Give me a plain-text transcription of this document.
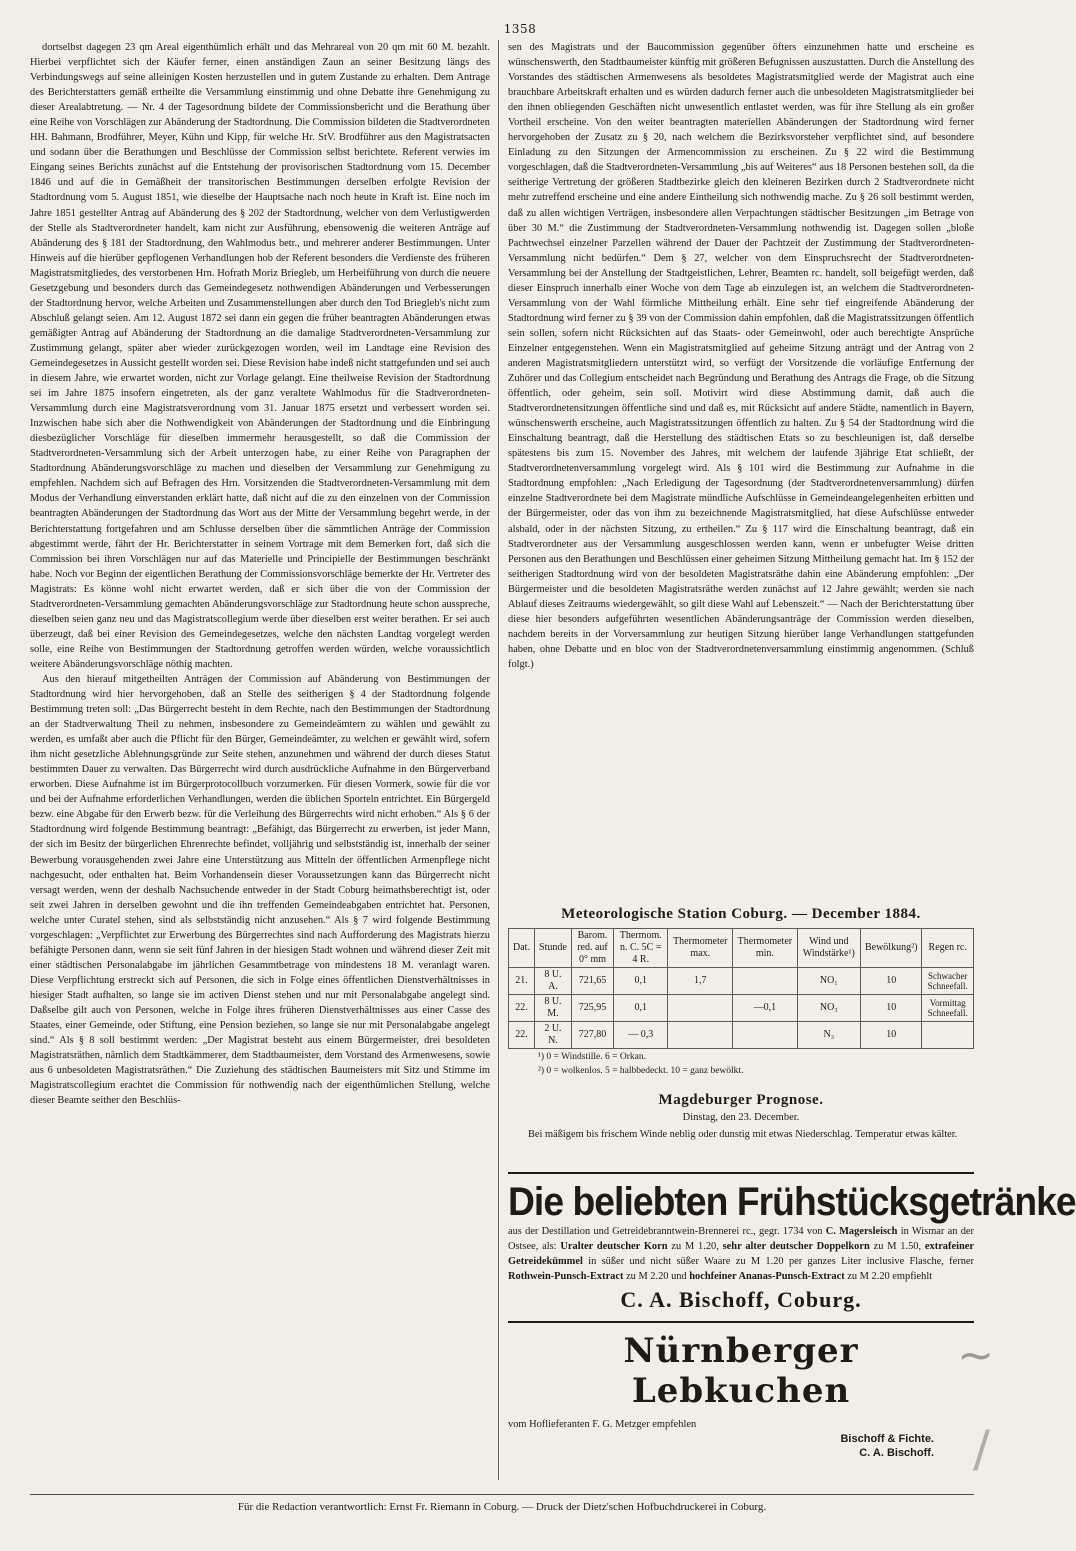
1358

dortselbst dagegen 23 qm Areal eigenthümlich erhält und das Mehrareal von 20 qm mit 60 M. bezahlt. Hierbei verpflichtet sich der Käufer ferner, einen anständigen Zaun an seiner Besitzung längs des Verbindungswegs auf seine alleinigen Kosten herzustellen und in gutem Zustande zu erhalten. Dem Antrage des Berichterstatters gemäß ertheilte die Versammlung einstimmig und ohne Debatte ihre Genehmigung zu dieser Arealabtretung. — Nr. 4 der Tagesordnung bildete der Commissionsbericht und die Berathung über eine Reihe von Vorschlägen zur Abänderung der Stadtordnung. Die Commission bildeten die Stadtverordneten HH. Bahmann, Brodführer, Meyer, Kühn und Kipp, für welche Hr. StV. Brodführer aus den Magistratsacten und sodann über die Berathungen und Beschlüsse der Commission selbst berichtete. Referent verwies im Eingang seines Berichts zunächst auf die Entstehung der provisorischen Stadtordnung vom 15. December 1846 und auf die in Gemäßheit der transitorischen Bestimmungen derselben erfolgte Revision der Stadtordnung vom 5. August 1851, wie dieselbe der Hauptsache nach noch heute in Kraft ist. Eine noch im Jahre 1851 gestellter Antrag auf Abänderung des § 202 der Stadtordnung, welcher von dem Verlustigwerden der Stelle als Stadtverordneter handelt, kam nicht zur Ausführung, ebensowenig die weiteren Anträge auf Abänderung des § 181 der Stadtordnung, den Wahlmodus betr., und mehrerer anderer Bestimmungen. Unter Hinweis auf die hierüber gepflogenen Verhandlungen hob der Referent besonders die Verdienste des früheren Magistratsmitgliedes, des verstorbenen Hrn. Hofrath Moriz Briegleb, um Herbeiführung von durch die neuere Gesetzgebung und besonders durch das Gemeindegesetz nothwendigen Abänderungen und Verbesserungen der Stadtordnung hervor, welche Arbeiten und Zusammenstellungen aber durch den Tod Briegleb's nicht zum Abschluß gelangt seien. Am 12. August 1872 sei dann ein gegen die früher beantragten Abänderungen etwas gemäßigter Antrag auf Abänderung der Stadtordnung an die damalige Stadtverordneten-Versammlung zur Zustimmung gelangt, später aber wieder zurückgezogen worden, weil im Landtage eine Revision des Gemeindegesetzes in Aussicht gestellt worden sei. Diese Revision habe indeß nicht stattgefunden und sei auch in diesem Jahre, wie erwartet worden, nicht zur Vorlage gelangt. Eine theilweise Revision der Stadtordnung sei im Jahre 1875 insofern eingetreten, als der ganz veraltete Wahlmodus für die Stadtverordneten-Versammlung durch eine Magistratsverordnung vom 31. Januar 1875 ersetzt und verbessert worden sei. Inzwischen habe sich aber die Nothwendigkeit von Abänderungen der Stadtordnung und die Einbringung diesbezüglicher Vorschläge für dieselben immermehr herausgestellt, so daß die Commission der Stadtverordneten-Versammlung sich der Arbeit unterzogen habe, zu einer Reihe von Paragraphen der Stadtordnung Abänderungsvorschläge zu machen und dieselben der Versammlung zur Genehmigung zu empfehlen. Nachdem sich auf Befragen des Hrn. Vorsitzenden die Stadtverordneten-Versammlung mit dem Modus der Verhandlung einverstanden erklärt hatte, daß nicht auf die zu den einzelnen von der Commission beantragten Abänderungen der Stadtordnung das Wort aus der Mitte der Versammlung begehrt werde, in der Berichterstattung fortgefahren und am Schlusse derselben über die sämmtlichen Anträge der Commission abgestimmt werde, fährt der Hr. Berichterstatter in seinem Vortrage mit dem Bemerken fort, daß sich die Commission bei ihren Vorschlägen nur auf das Materielle und Principielle der Bestimmungen beschränkt habe. Noch vor Beginn der eigentlichen Berathung der Commissionsvorschläge bemerkte der Hr. Vertreter des Magistrats: Es könne wohl nicht erwartet werden, daß er sich über die von der Commission der Stadtverordneten-Versammlung gemachten Abänderungsvorschläge zur Stadtordnung heute schon ausspreche, dieselben seien ganz neu und das Magistratscollegium werde über dieselben erst weiter berathen. Er sei auch überzeugt, daß bei einer Revision des Gemeindegesetzes, welche den nächsten Landtag vorgelegt werden solle, eine Reihe von Bestimmungen der Stadtordnung getroffen werden würden, welche voraussichtlich weitere Abänderungsvorschläge nöthig machten.

Aus den hierauf mitgetheilten Anträgen der Commission auf Abänderung von Bestimmungen der Stadtordnung wird hier hervorgehoben, daß an Stelle des seitherigen § 4 der Stadtordnung folgende Bestimmung treten soll: „Das Bürgerrecht besteht in dem Rechte, nach den Bestimmungen der Stadtordnung an der Stadtverwaltung Theil zu nehmen, insbesondere zu Gemeindeämtern zu wählen und gewählt zu werden, es umfaßt aber auch die Pflicht für den Bürger, Gemeindeämter, zu welchen er gewählt wird, sofern ihm nicht gesetzliche Ablehnungsgründe zur Seite stehen, anzunehmen und während der durch dieses Statut bestimmten Dauer zu verwalten. Das Bürgerrecht wird durch ausdrückliche Aufnahme in den Bürgerverband erworben. Diese Aufnahme ist im Bürgerprotocollbuch vorzumerken. Für diesen Vormerk, sowie für die vor und bei der Aufnahme erforderlichen Verhandlungen, werden die üblichen Sporteln entrichtet. Ein Bürgergeld bezw. eine Abgabe für den Erwerb bezw. für die Verleihung des Bürgerrechts wird nicht erhoben.“ Als § 6 der Stadtordnung wird folgende Bestimmung beantragt: „Befähigt, das Bürgerrecht zu erwerben, ist jeder Mann, der sich im Besitz der bürgerlichen Ehrenrechte befindet, volljährig und selbstständig ist, innerhalb der seiner Bewerbung vorausgehenden zwei Jahre eine Unterstützung aus Mitteln der öffentlichen Armenpflege nicht nachgesucht, oder enthalten hat. Beim Vorhandensein dieser Voraussetzungen kann das Bürgerrecht nicht versagt werden, wenn der deshalb Nachsuchende entweder in der Stadt Coburg heimathsberechtigt ist, oder seit zwei Jahren in derselben gewohnt und die ihn treffenden Gemeindeabgaben entrichtet hat. Personen, welche unter Curatel stehen, sind als selbstständig nicht anzusehen.“ Als § 7 wird folgende Bestimmung vorgeschlagen: „Verpflichtet zur Erwerbung des Bürgerrechtes sind nach Aufforderung des Magistrats hierzu befähigte Personen dann, wenn sie seit fünf Jahren in der hiesigen Stadt wohnen und während dieser Zeit mit einer städtischen Personalabgabe im jährlichen Gesammtbetrage von mindestens 18 M. veranlagt waren. Diese Verpflichtung erstreckt sich auf Personen, die sich in Folge eines öffentlichen Dienstverhältnisses in hiesiger Stadt aufhalten, so lange sie im activen Dienst stehen und nur mit Personalabgabe angelegt sind. Daßselbe gilt auch von Personen, welche in Folge ihres früheren Dienstverhältnisses aus einer Casse des Staates, einer Gemeinde, oder Stiftung, eine Pension beziehen, so lange sie nur mit Personalabgabe angelegt sind.“ Als § 8 soll bestimmt werden: „Der Magistrat besteht aus einem Bürgermeister, drei besoldeten Magistratsräthen, nämlich dem Stadtkämmerer, dem Stadtbaumeister, dem Vorstand des Armenwesens, sowie aus 6 unbesoldeten Magistratsräthen.“ Die Zuziehung des städtischen Baumeisters mit Sitz und Stimme im Magistratscollegium erachtet die Commission für nothwendig nach der eigenthümlichen Stellung, welche dieser Beamte seither den Beschlüs-

sen des Magistrats und der Baucommission gegenüber öfters einzunehmen hatte und erscheine es wünschenswerth, den Stadtbaumeister künftig mit größeren Befugnissen auszustatten. Durch die Anstellung des Vorstandes des städtischen Armenwesens als besoldetes Magistratsmitglied werde der Magistrat auch eine brauchbare Arbeitskraft erhalten und es würden dadurch ferner auch die unbesoldeten Magistratsmitglieder bei den ihnen obliegenden Geschäften nicht unwesentlich entlastet werden, was für ihre Stellung als ein großer Vortheil erscheine. Von den weiter beantragten materiellen Abänderungen der Stadtordnung wird ferner hervorgehoben der Zusatz zu § 20, nach welchem die Bezirksvorsteher verpflichtet sind, auf besondere Einladung zu den Sitzungen der Armencommission zu erscheinen. Zu § 22 wird die Bestimmung vorgeschlagen, daß die Stadtverordneten-Versammlung „bis auf Weiteres“ aus 18 Personen bestehen soll, da die seitherige Vertretung der größeren Stadtbezirke gleich den kleineren Bezirken durch 2 Stadtverordnete nicht mehr zutreffend erscheine und eine andere Eintheilung sich nothwendig mache. Zu § 26 soll bestimmt werden, daß zu allen wichtigen Verträgen, insbesondere allen Verpachtungen städtischer Besitzungen „im Betrage von über 30 M.“ die Zustimmung der Stadtverordneten-Versammlung nothwendig ist. Dagegen sollen „bloße Pachtwechsel einzelner Parzellen während der Dauer der Pachtzeit der Zustimmung der Stadtverordneten-Versammlung nicht bedürfen.“ Dem § 27, welcher von dem Einspruchsrecht der Stadtverordneten-Versammlung bei der Anstellung der Stadtgeistlichen, Lehrer, Beamten rc. handelt, soll beigefügt werden, daß dieser Einspruch innerhalb einer Woche von dem Tage ab einzulegen ist, an welchem die Stadtverordneten-Versammlung von der Wahl förmliche Mittheilung erhält. Eine sehr tief eingreifende Abänderung der Stadtordnung wird ferner zu § 39 von der Commission dahin empfohlen, daß die Magistratssitzungen öffentlich sein sollen, sofern nicht Rücksichten auf das Staats- oder Gemeinwohl, oder auch berechtigte Ansprüche Einzelner entgegenstehen. Wenn ein Magistratsmitglied auf geheime Sitzung anträgt und der Antrag von 2 anderen Magistratsmitgliedern unterstützt wird, so verfügt der Vorsitzende die vorläufige Entfernung der Zuhörer und das Collegium entscheidet nach Begründung und Berathung des Antrags die Frage, ob die Sitzung öffentlich, oder geheim, sein soll. Motivirt wird diese Abstimmung damit, daß auch die Stadtverordnetensitzungen öffentliche sind und daß es, mit Rücksicht auf andere Städte, namentlich in Bayern, wünschenswerth erscheine, auch Magistratssitzungen öffentlich zu halten. Zu § 54 der Stadtordnung wird die Einschaltung beantragt, daß die Herstellung des städtischen Etats so zu beschleunigen ist, daß derselbe spätestens bis zum 15. November des Jahres, mit welchem der laufende 3jährige Etat schließt, der Stadtverordnetenversammlung vorgelegt wird. Als § 101 wird die Bestimmung zur Aufnahme in die Stadtordnung empfohlen: „Nach Erledigung der Tagesordnung (der Stadtverordnetenversammlung) dürfen einzelne Stadtverordnete bei dem Magistrate mündliche Aufschlüsse in Gemeindeangelegenheiten erbitten und der Bürgermeister, oder das von ihm zu bezeichnende Magistratsmitglied, hat diese Aufschlüsse entweder alsbald, oder in der nächsten Sitzung, zu ertheilen.“ Zu § 117 wird die Einschaltung beantragt, daß ein Stadtverordneter aus der Versammlung ausgeschlossen werden kann, wenn er unbefugter Weise dritten Personen aus den Berathungen und Beschlüssen einer geheimen Sitzung Mittheilung gemacht hat. Im § 152 der seitherigen Stadtordnung wird von der besoldeten Magistratsräthe dahin eine Abänderung empfohlen: „Der Bürgermeister und die besoldeten Magistratsräthe werden zunächst auf 12 Jahre gewählt; werden sie nach Ablauf dieses Zeitraums wiedergewählt, so gilt diese Wahl auf Lebenszeit.“ — Nach der Berichterstattung über diese hier besonders aufgeführten wesentlichen Abänderungsanträge der Commission werden dieselben, nachdem bereits in der Vorversammlung zur heutigen Sitzung hierüber lange Verhandlungen stattgefunden haben, ohne Debatte und en bloc von der Stadtverordnetenversammlung einstimmig angenommen. (Schluß folgt.)

Meteorologische Station Coburg. — December 1884.
Dat.	Stunde	Barom. red. auf 0° mm	Thermom. n. C. 5C = 4 R.	Thermometer max.	Thermometer min.	Wind und Windstärke¹)	Bewölkung²)	Regen rc.
21.	8 U. A.	721,65	0,1	1,7		NO₁	10	Schwacher Schneefall.
22.	8 U. M.	725,95	0,1		—0,1	NO₃	10	Vormittag Schneefall.
22.	2 U. N.	727,80	— 0,3			N₃	10	
¹) 0 = Windstille. 6 = Orkan.
²) 0 = wolkenlos. 5 = halbbedeckt. 10 = ganz bewölkt.
Magdeburger Prognose.
Dinstag, den 23. December.
Bei mäßigem bis frischem Winde neblig oder dunstig mit etwas Niederschlag. Temperatur etwas kälter.
Die beliebten Frühstücksgetränke
aus der Destillation und Getreidebranntwein-Brennerei rc., gegr. 1734 von C. Magersleisch in Wismar an der Ostsee, als: Uralter deutscher Korn zu M 1.20, sehr alter deutscher Doppelkorn zu M 1.50, extrafeiner Getreidekümmel in süßer und nicht süßer Waare zu M 1.20 per ganzes Liter inclusive Flasche, ferner Rothwein-Punsch-Extract zu M 2.20 und hochfeiner Ananas-Punsch-Extract zu M 2.20 empfiehlt
C. A. Bischoff, Coburg.
Nürnberger Lebkuchen
vom Hoflieferanten F. G. Metzger empfehlen
Bischoff & Fichte.
C. A. Bischoff.
~
/
Für die Redaction verantwortlich: Ernst Fr. Riemann in Coburg. — Druck der Dietz'schen Hofbuchdruckerei in Coburg.
